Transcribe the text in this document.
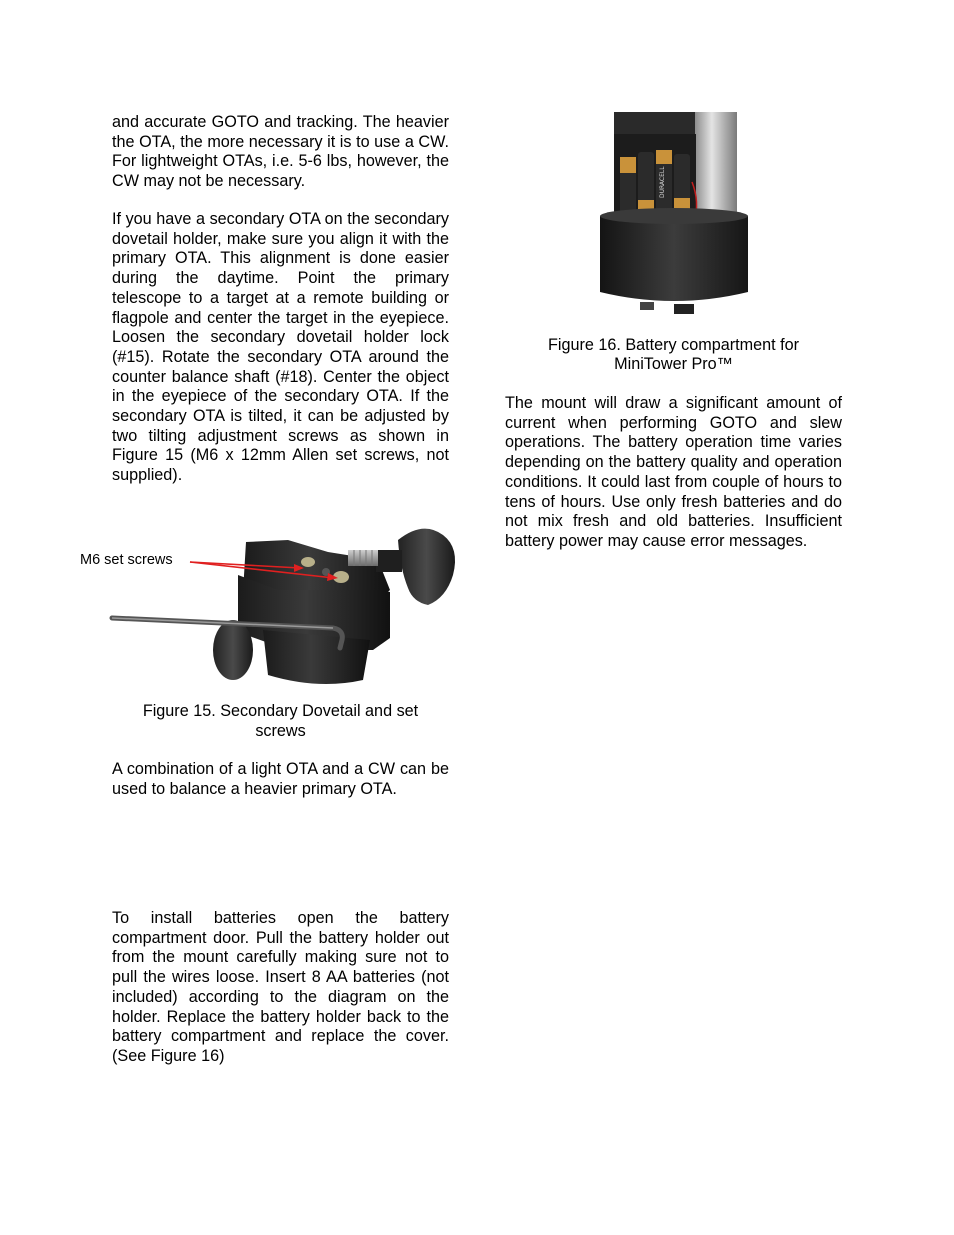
and accurate GOTO and tracking. The heavier the OTA, the more necessary it is to use a CW. For lightweight OTAs, i.e. 5-6 lbs, however, the CW may not be necessary.

If you have a secondary OTA on the secondary dovetail holder, make sure you align it with the primary OTA. This alignment is done easier during the daytime. Point the primary telescope to a target at a remote building or flagpole and center the target in the eyepiece. Loosen the secondary dovetail holder lock (#15). Rotate the secondary OTA around the counter balance shaft (#18). Center the object in the eyepiece of the secondary OTA. If the secondary OTA is tilted, it can be adjusted by two tilting adjustment screws as shown in Figure 15 (M6 x 12mm Allen set screws, not supplied).

M6 set screws

Figure 15. Secondary Dovetail and set

screws

A combination of a light OTA and a CW can be used to balance a heavier primary OTA.

To install batteries open the battery compartment door. Pull the battery holder out from the mount carefully making sure not to pull the wires loose. Insert 8 AA batteries (not included) according to the diagram on the holder. Replace the battery holder back to the battery compartment and replace the cover. (See Figure 16)

DURACELL

Figure 16. Battery compartment for

MiniTower Pro™

The mount will draw a significant amount of current when performing GOTO and slew operations. The battery operation time varies depending on the battery quality and operation conditions. It could last from couple of hours to tens of hours. Use only fresh batteries and do not mix fresh and old batteries. Insufficient battery power may cause error messages.
